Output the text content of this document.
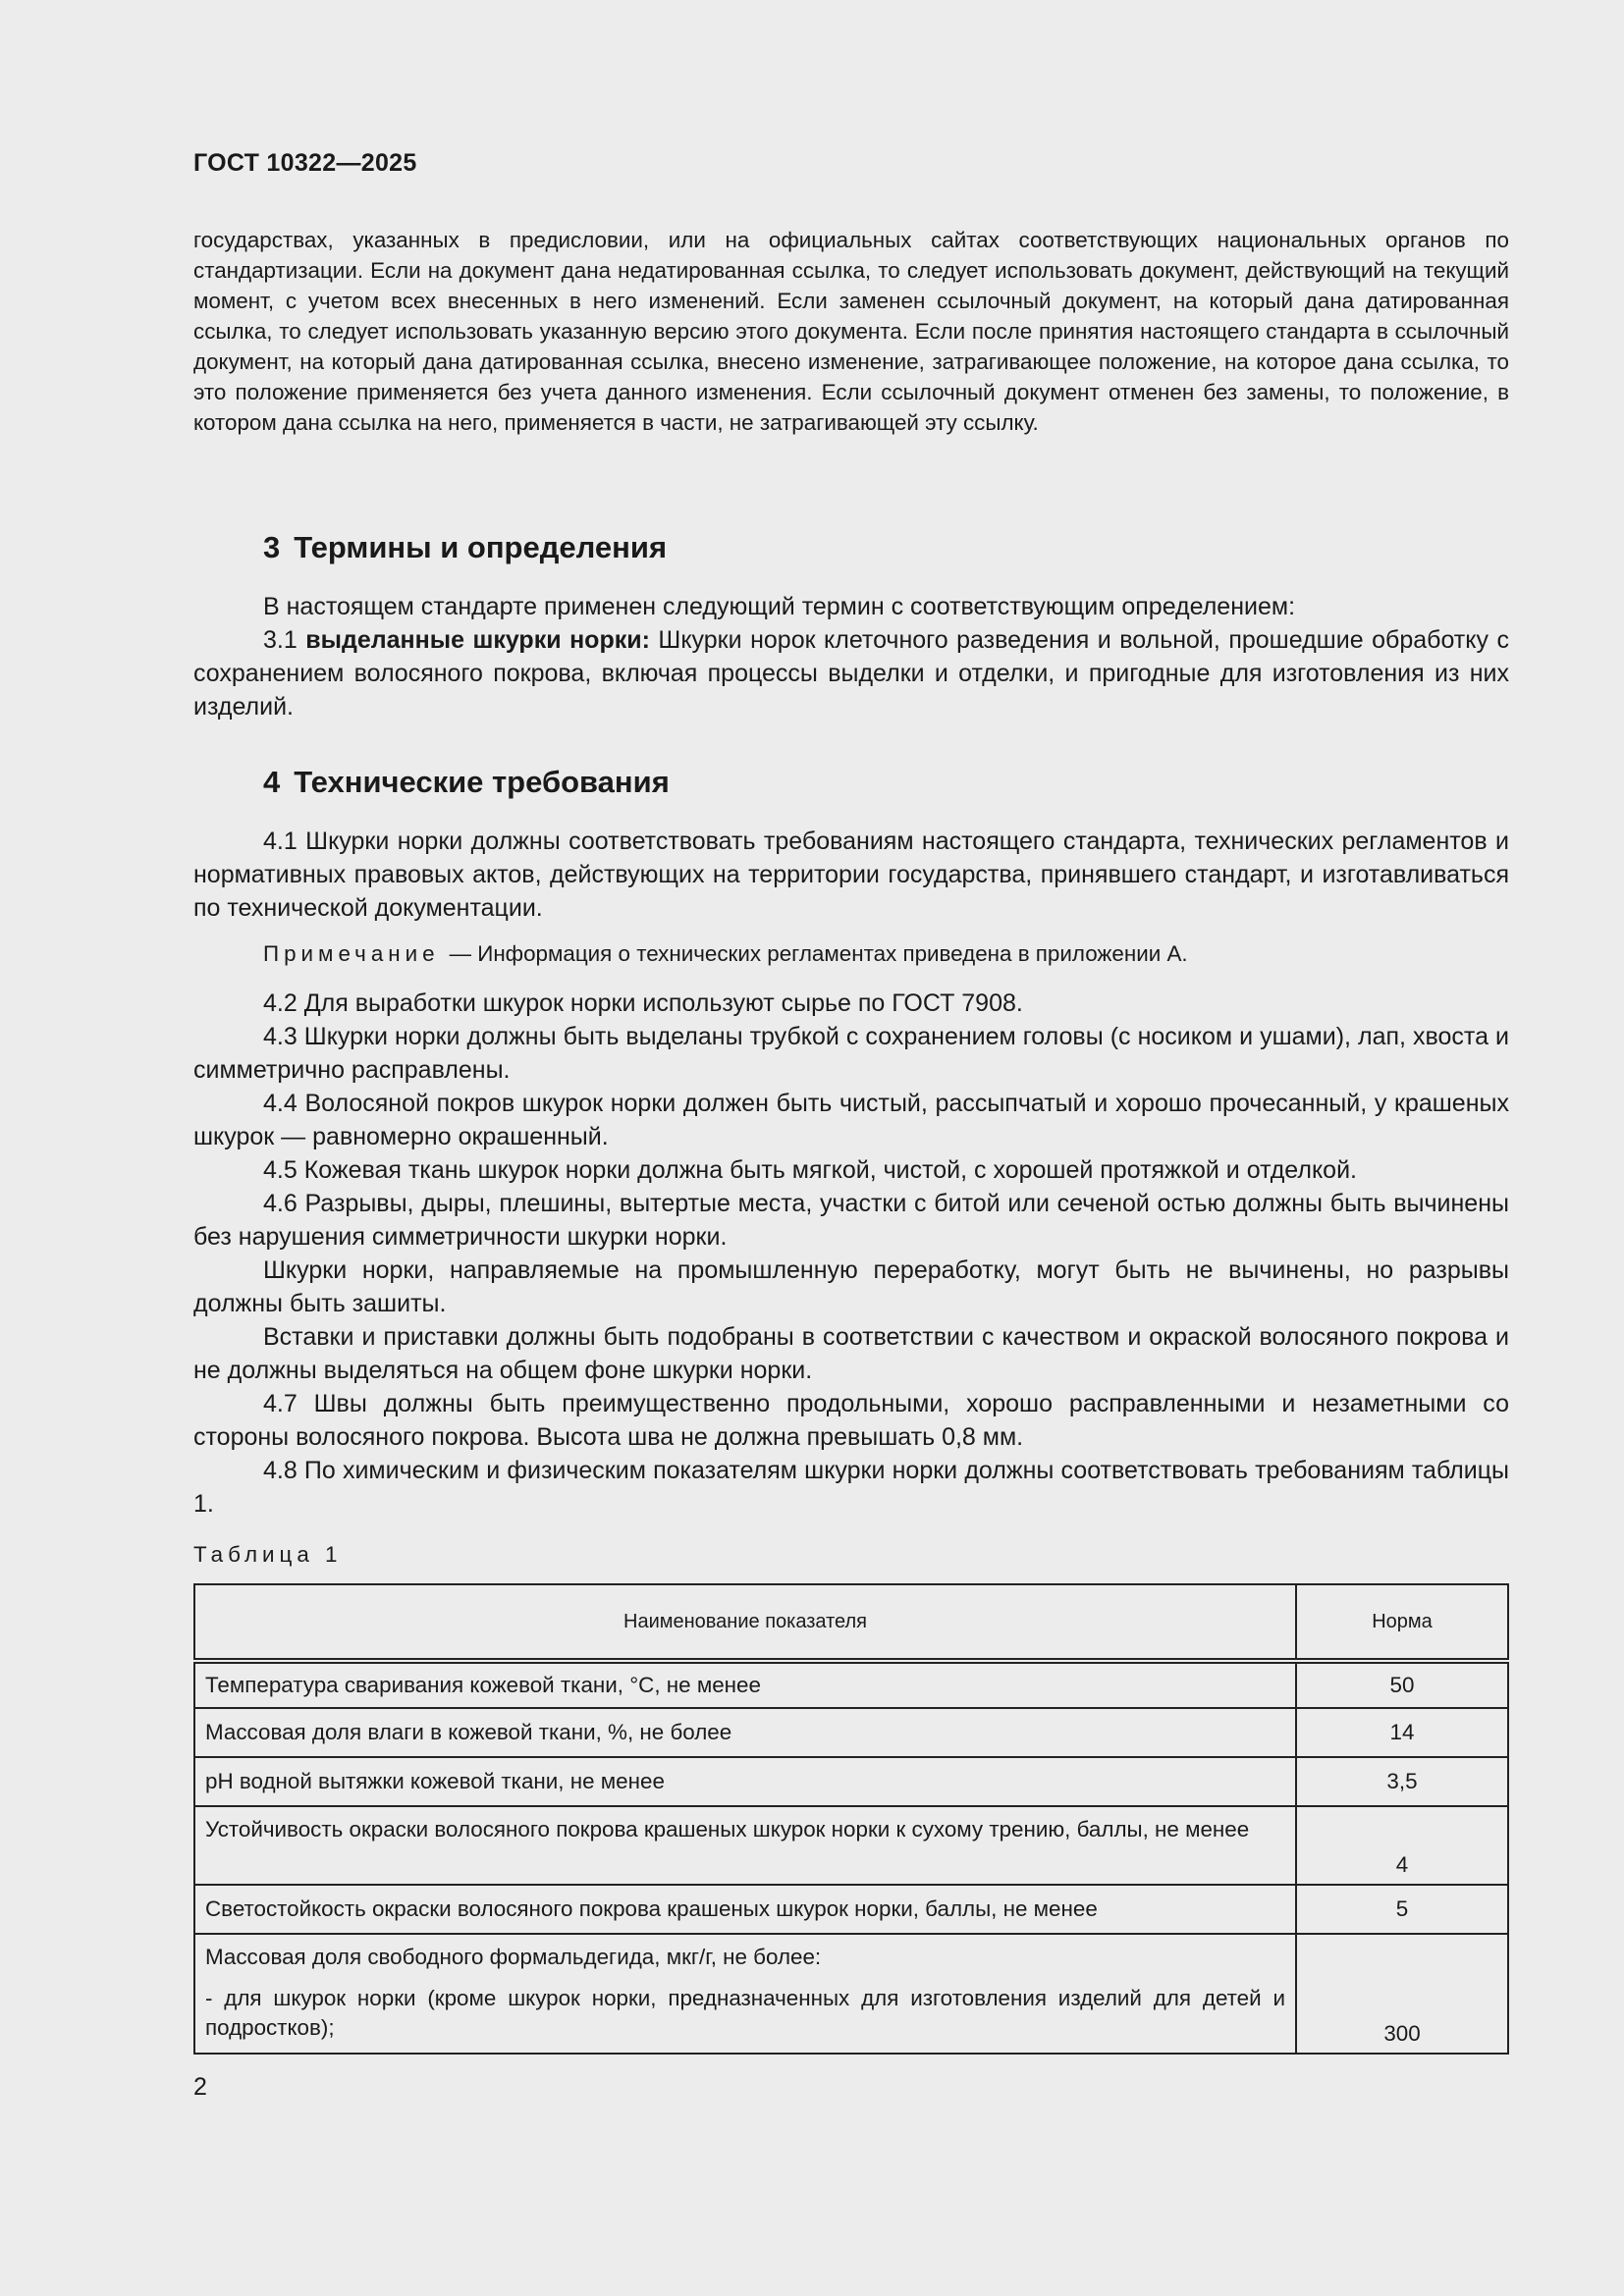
ГОСТ 10322—2025

государствах, указанных в предисловии, или на официальных сайтах соответствующих национальных органов по стандартизации. Если на документ дана недатированная ссылка, то следует использовать документ, действующий на текущий момент, с учетом всех внесенных в него изменений. Если заменен ссылочный документ, на который дана датированная ссылка, то следует использовать указанную версию этого документа. Если после принятия настоящего стандарта в ссылочный документ, на который дана датированная ссылка, внесено изменение, затрагивающее положение, на которое дана ссылка, то это положение применяется без учета данного изменения. Если ссылочный документ отменен без замены, то положение, в котором дана ссылка на него, применяется в части, не затрагивающей эту ссылку.

3 Термины и определения

В настоящем стандарте применен следующий термин с соответствующим определением:

3.1 выделанные шкурки норки: Шкурки норок клеточного разведения и вольной, прошедшие обработку с сохранением волосяного покрова, включая процессы выделки и отделки, и пригодные для изготовления из них изделий.

4 Технические требования

4.1 Шкурки норки должны соответствовать требованиям настоящего стандарта, технических регламентов и нормативных правовых актов, действующих на территории государства, принявшего стандарт, и изготавливаться по технической документации.

Примечание — Информация о технических регламентах приведена в приложении А.

4.2 Для выработки шкурок норки используют сырье по ГОСТ 7908.

4.3 Шкурки норки должны быть выделаны трубкой с сохранением головы (с носиком и ушами), лап, хвоста и симметрично расправлены.

4.4 Волосяной покров шкурок норки должен быть чистый, рассыпчатый и хорошо прочесанный, у крашеных шкурок — равномерно окрашенный.

4.5 Кожевая ткань шкурок норки должна быть мягкой, чистой, с хорошей протяжкой и отделкой.

4.6 Разрывы, дыры, плешины, вытертые места, участки с битой или сеченой остью должны быть вычинены без нарушения симметричности шкурки норки.

Шкурки норки, направляемые на промышленную переработку, могут быть не вычинены, но разрывы должны быть зашиты.

Вставки и приставки должны быть подобраны в соответствии с качеством и окраской волосяного покрова и не должны выделяться на общем фоне шкурки норки.

4.7 Швы должны быть преимущественно продольными, хорошо расправленными и незаметными со стороны волосяного покрова. Высота шва не должна превышать 0,8 мм.

4.8 По химическим и физическим показателям шкурки норки должны соответствовать требованиям таблицы 1.

Таблица 1
Наименование показателя	Норма
Температура сваривания кожевой ткани, °С, не менее	50
Массовая доля влаги в кожевой ткани, %, не более	14
pH водной вытяжки кожевой ткани, не менее	3,5
Устойчивость окраски волосяного покрова крашеных шкурок норки к сухому трению, баллы, не менее	4
Светостойкость окраски волосяного покрова крашеных шкурок норки, баллы, не менее	5

Массовая доля свободного формальдегида, мкг/г, не более:
- для шкурок норки (кроме шкурок норки, предназначенных для изготовления изделий для детей и подростков);	300
2
